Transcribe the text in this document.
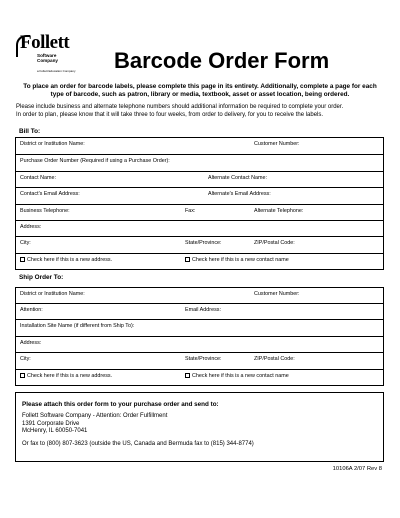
Follett
Software
Company
a Follett Education Company	Barcode Order Form
To place an order for barcode labels, please complete this page in its entirety. Additionally, complete a page for each type of barcode, such as patron, library or media, textbook, asset or asset location, being ordered.
Please include business and alternate telephone numbers should additional information be required to complete your order.
In order to plan, please know that it will take three to four weeks, from order to delivery, for you to receive the labels.
Bill To:
District or Institution Name:	Customer Number:
Purchase Order Number (Required if using a Purchase Order):
Contact Name:	Alternate Contact Name:
Contact's Email Address:	Alternate's Email Address:
Business Telephone:	Fax:	Alternate Telephone:
Address:
City:	State/Province:	ZIP/Postal Code:
Check here if this is a new address.	Check here if this is a new contact name
Ship Order To:
District or Institution Name:	Customer Number:
Attention:	Email Address:
Installation Site Name (if different from Ship To):
Address:
City:	State/Province:	ZIP/Postal Code:
Check here if this is a new address.	Check here if this is a new contact name
Please attach this order form to your purchase order and send to:
Follett Software Company - Attention: Order Fulfillment
1391 Corporate Drive
McHenry, IL 60050-7041
Or fax to (800) 807-3623 (outside the US, Canada and Bermuda fax to (815) 344-8774)
10106A 2/07 Rev 8
